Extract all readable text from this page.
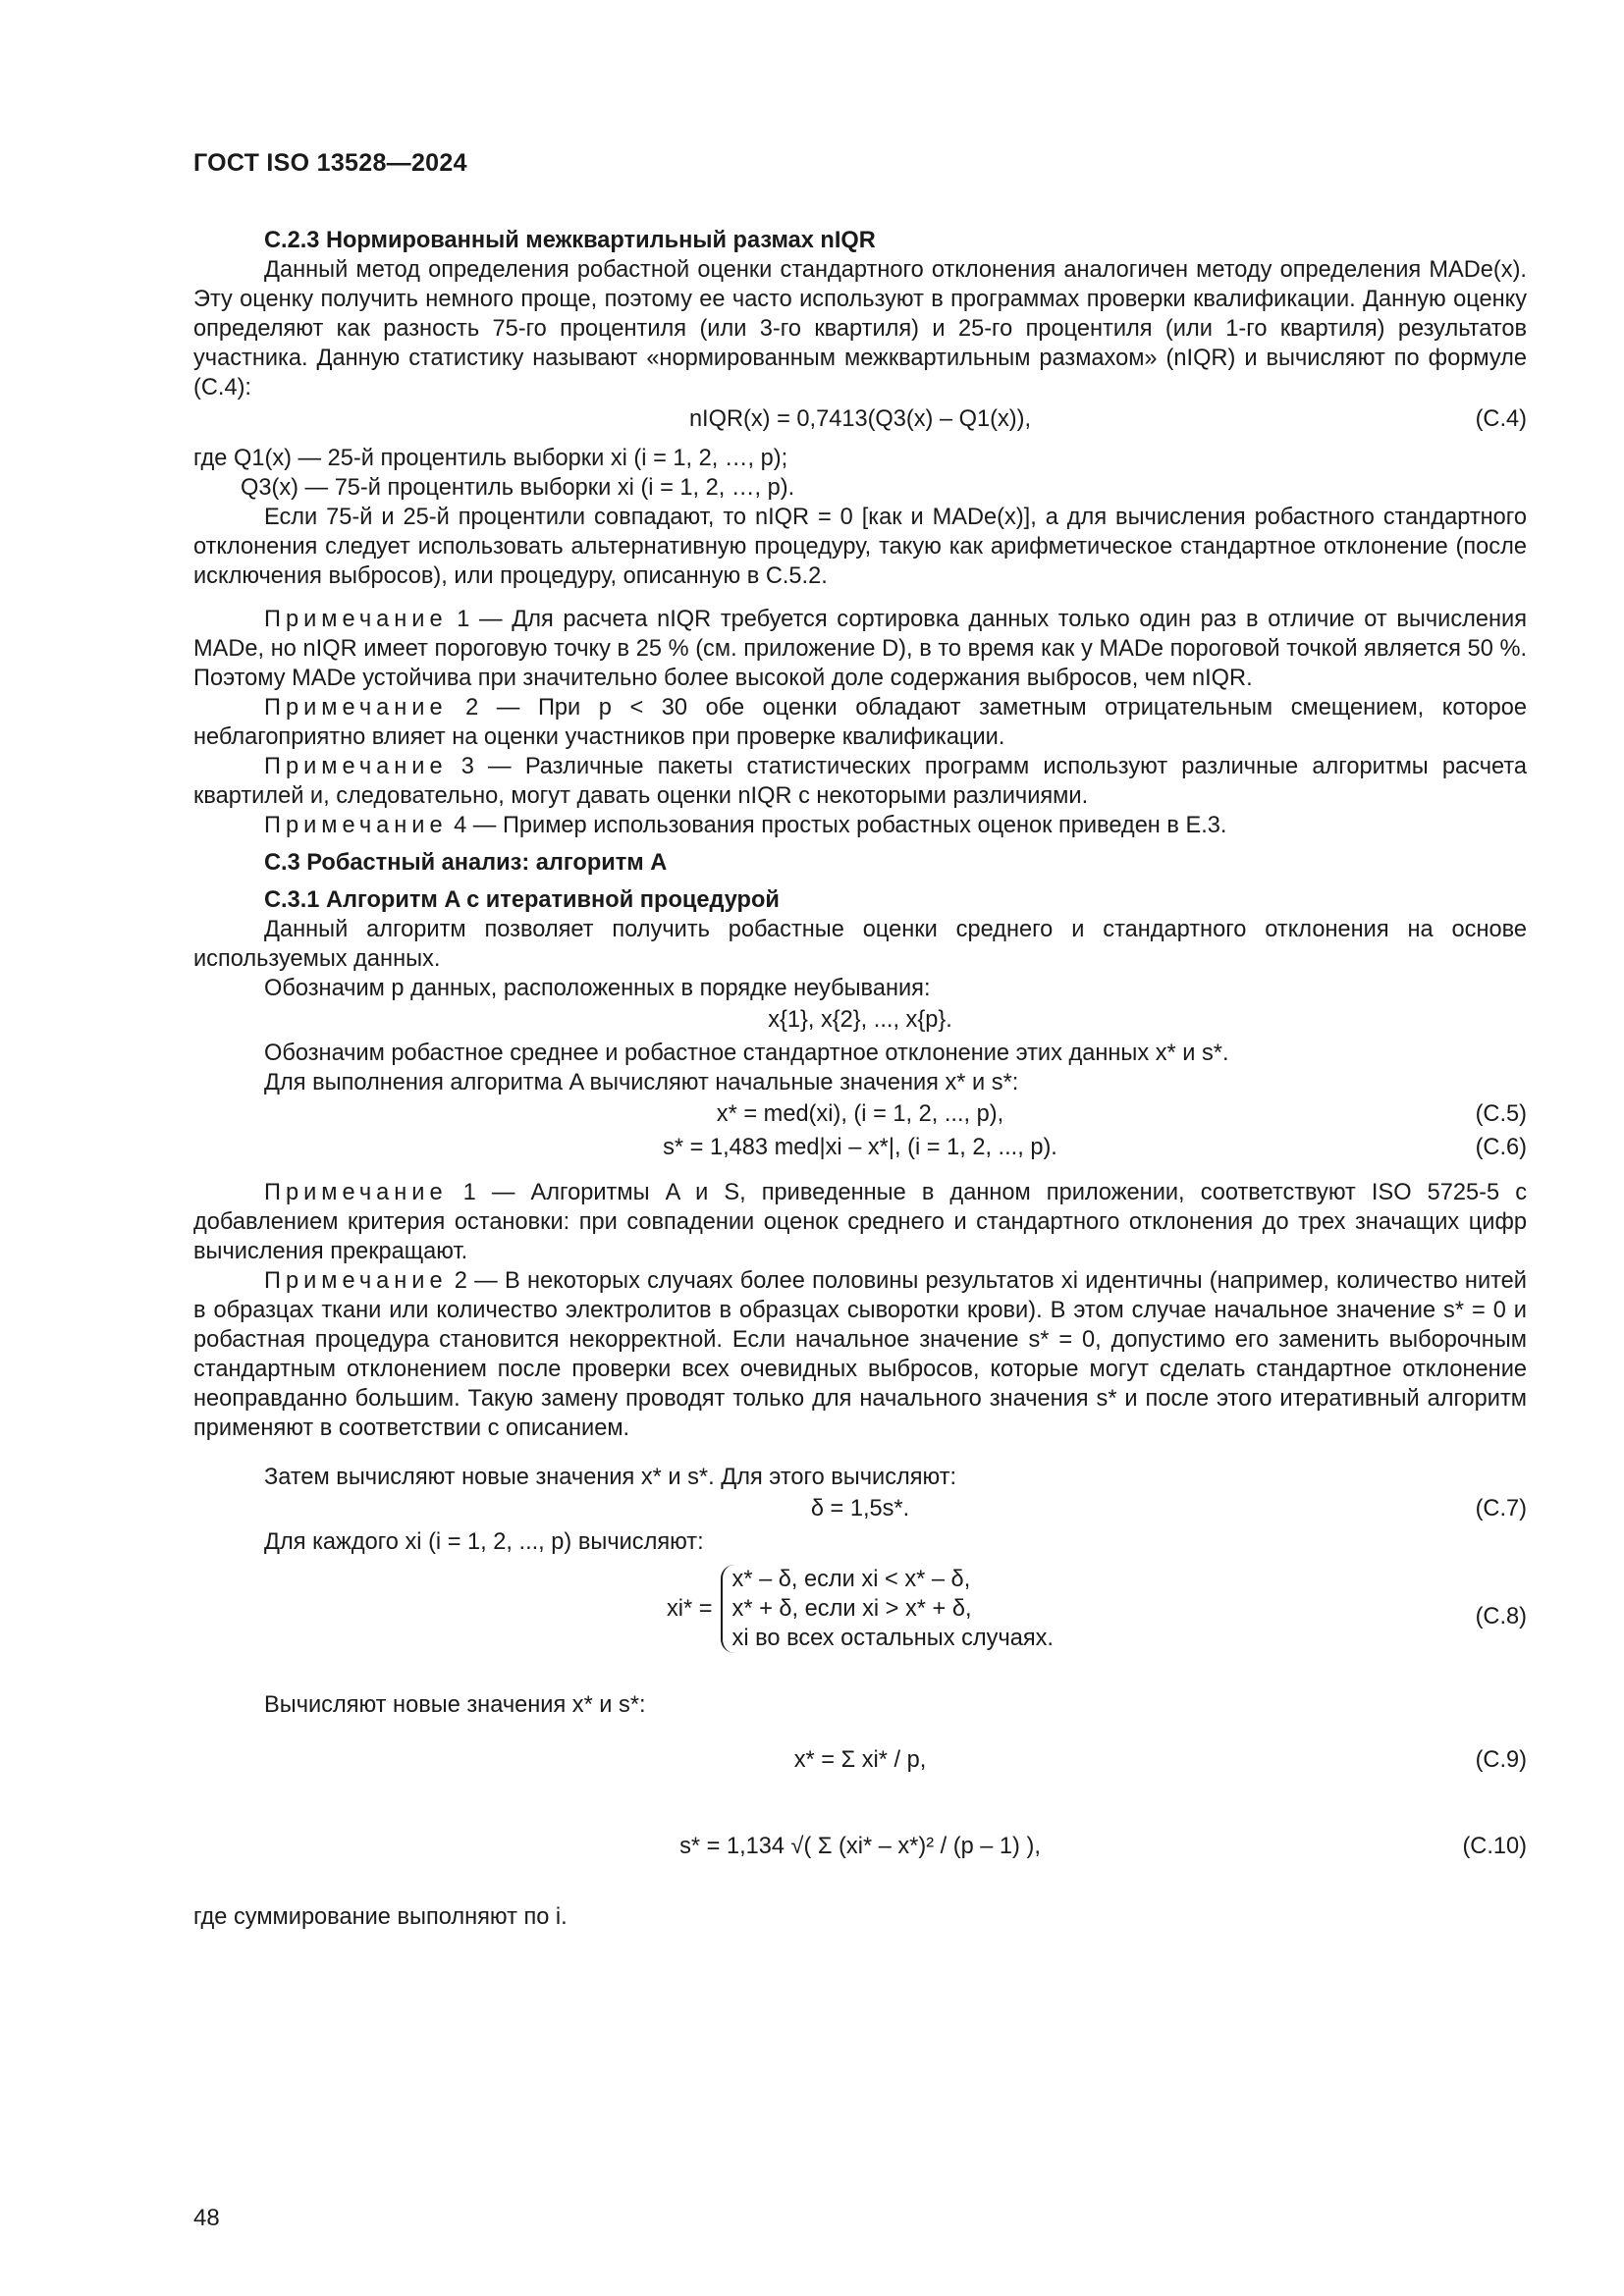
ГОСТ ISO 13528—2024

С.2.3 Нормированный межквартильный размах nIQR

Данный метод определения робастной оценки стандартного отклонения аналогичен методу определения MADe(x). Эту оценку получить немного проще, поэтому ее часто используют в программах проверки квалификации. Данную оценку определяют как разность 75-го процентиля (или 3-го квартиля) и 25-го процентиля (или 1-го квартиля) результатов участника. Данную статистику называют «нормированным межквартильным размахом» (nIQR) и вычисляют по формуле (С.4):

nIQR(x) = 0,7413(Q3(x) – Q1(x)),	(С.4)

где Q1(x) — 25-й процентиль выборки xi (i = 1, 2, …, p);

Q3(x) — 75-й процентиль выборки xi (i = 1, 2, …, p).

Если 75-й и 25-й процентили совпадают, то nIQR = 0 [как и MADe(x)], а для вычисления робастного стандартного отклонения следует использовать альтернативную процедуру, такую как арифметическое стандартное отклонение (после исключения выбросов), или процедуру, описанную в С.5.2.

Примечание 1 — Для расчета nIQR требуется сортировка данных только один раз в отличие от вычисления MADe, но nIQR имеет пороговую точку в 25 % (см. приложение D), в то время как у MADe пороговой точкой является 50 %. Поэтому MADe устойчива при значительно более высокой доле содержания выбросов, чем nIQR.

Примечание 2 — При p < 30 обе оценки обладают заметным отрицательным смещением, которое неблагоприятно влияет на оценки участников при проверке квалификации.

Примечание 3 — Различные пакеты статистических программ используют различные алгоритмы расчета квартилей и, следовательно, могут давать оценки nIQR с некоторыми различиями.

Примечание 4 — Пример использования простых робастных оценок приведен в Е.3.

С.3 Робастный анализ: алгоритм A

С.3.1 Алгоритм A с итеративной процедурой

Данный алгоритм позволяет получить робастные оценки среднего и стандартного отклонения на основе используемых данных.

Обозначим p данных, расположенных в порядке неубывания:

x{1}, x{2}, ..., x{p}.

Обозначим робастное среднее и робастное стандартное отклонение этих данных x* и s*.

Для выполнения алгоритма A вычисляют начальные значения x* и s*:

x* = med(xi), (i = 1, 2, ..., p),	(С.5)
s* = 1,483 med|xi – x*|, (i = 1, 2, ..., p).	(С.6)

Примечание 1 — Алгоритмы A и S, приведенные в данном приложении, соответствуют ISO 5725-5 с добавлением критерия остановки: при совпадении оценок среднего и стандартного отклонения до трех значащих цифр вычисления прекращают.

Примечание 2 — В некоторых случаях более половины результатов xi идентичны (например, количество нитей в образцах ткани или количество электролитов в образцах сыворотки крови). В этом случае начальное значение s* = 0 и робастная процедура становится некорректной. Если начальное значение s* = 0, допустимо его заменить выборочным стандартным отклонением после проверки всех очевидных выбросов, которые могут сделать стандартное отклонение неоправданно большим. Такую замену проводят только для начального значения s* и после этого итеративный алгоритм применяют в соответствии с описанием.

Затем вычисляют новые значения x* и s*. Для этого вычисляют:

δ = 1,5s*.	(С.7)

Для каждого xi (i = 1, 2, ..., p) вычисляют:

xi* =
x* – δ, если xi < x* – δ,
x* + δ, если xi > x* + δ,
xi во всех остальных случаях.
(С.8)

Вычисляют новые значения x* и s*:

x* = Σ xi* / p,	(С.9)
s* = 1,134 √( Σ (xi* – x*)² / (p – 1) ),	(С.10)

где суммирование выполняют по i.

48
